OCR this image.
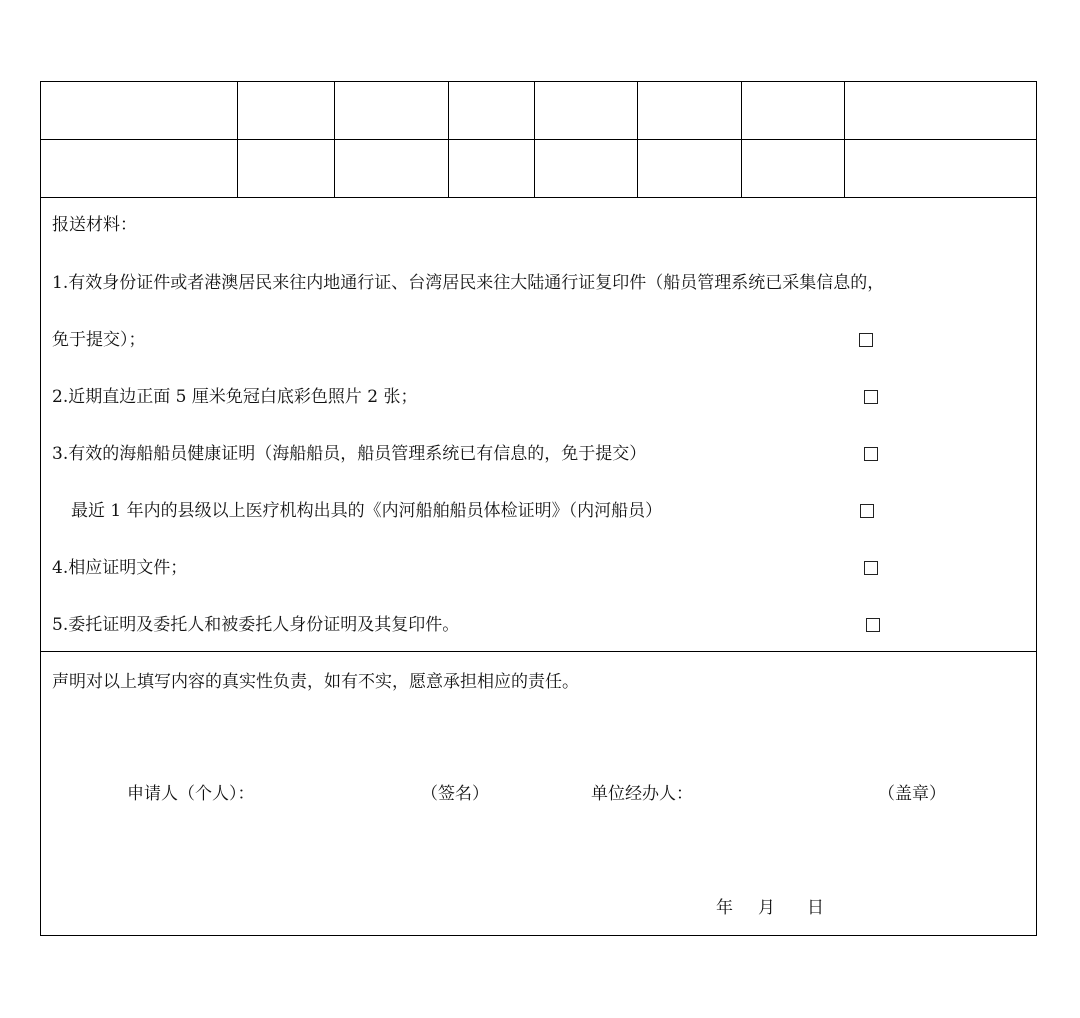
报送材料：
1.有效身份证件或者港澳居民来往内地通行证、台湾居民来往大陆通行证复印件（船员管理系统已采集信息的，
免于提交）；
2.近期直边正面 5 厘米免冠白底彩色照片 2 张；
3.有效的海船船员健康证明（海船船员，船员管理系统已有信息的，免于提交）
最近 1 年内的县级以上医疗机构出具的《内河船舶船员体检证明》（内河船员）
4.相应证明文件；
5.委托证明及委托人和被委托人身份证明及其复印件。
声明对以上填写内容的真实性负责，如有不实，愿意承担相应的责任。
申请人（个人）：	（签名）	单位经办人：	（盖章）
年 月 日
